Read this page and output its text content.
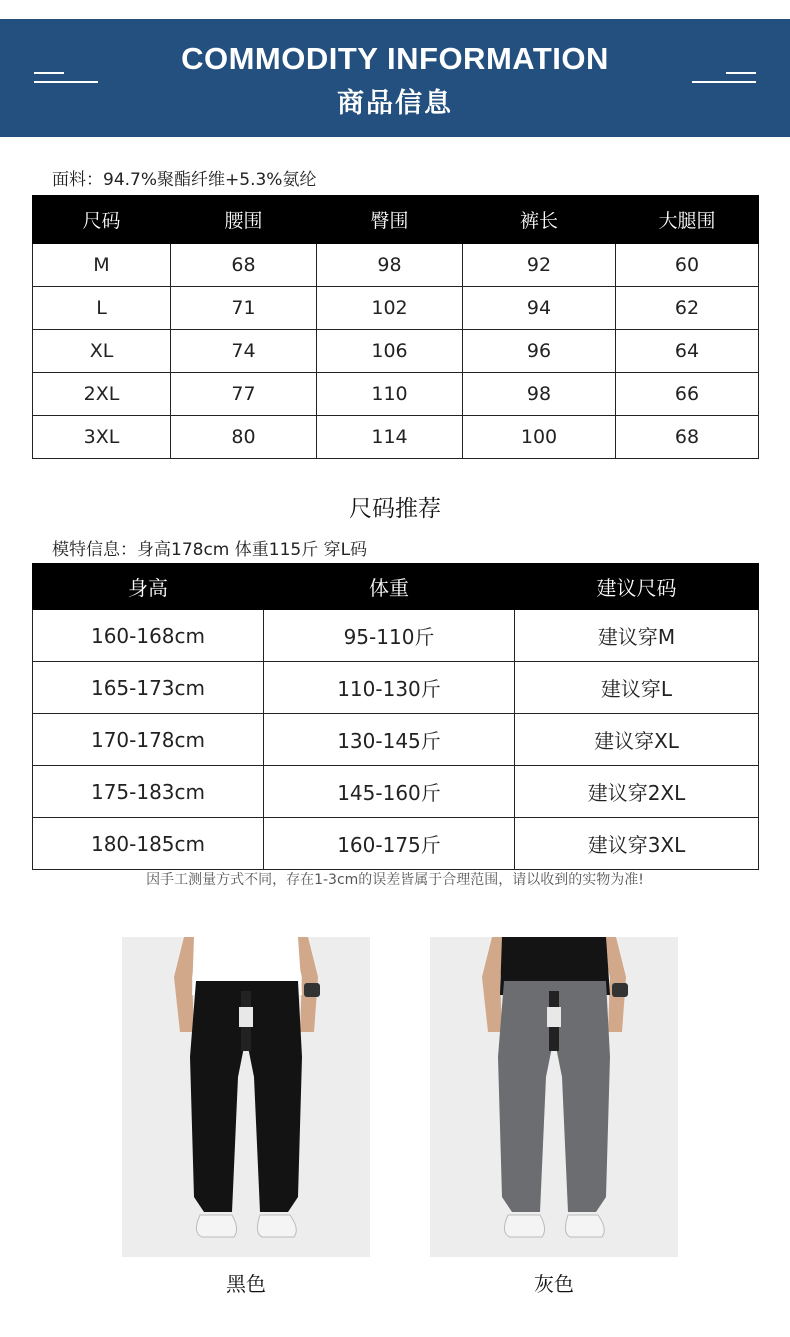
COMMODITY INFORMATION
商品信息
面料：94.7%聚酯纤维+5.3%氨纶
尺码	腰围	臀围	裤长	大腿围
M	68	98	92	60
L	71	102	94	62
XL	74	106	96	64
2XL	77	110	98	66
3XL	80	114	100	68
尺码推荐
模特信息：身高178cm 体重115斤 穿L码
身高	体重	建议尺码
160-168cm	95-110斤	建议穿M
165-173cm	110-130斤	建议穿L
170-178cm	130-145斤	建议穿XL
175-183cm	145-160斤	建议穿2XL
180-185cm	160-175斤	建议穿3XL
因手工测量方式不同，存在1-3cm的误差皆属于合理范围，请以收到的实物为准!
黑色	灰色
